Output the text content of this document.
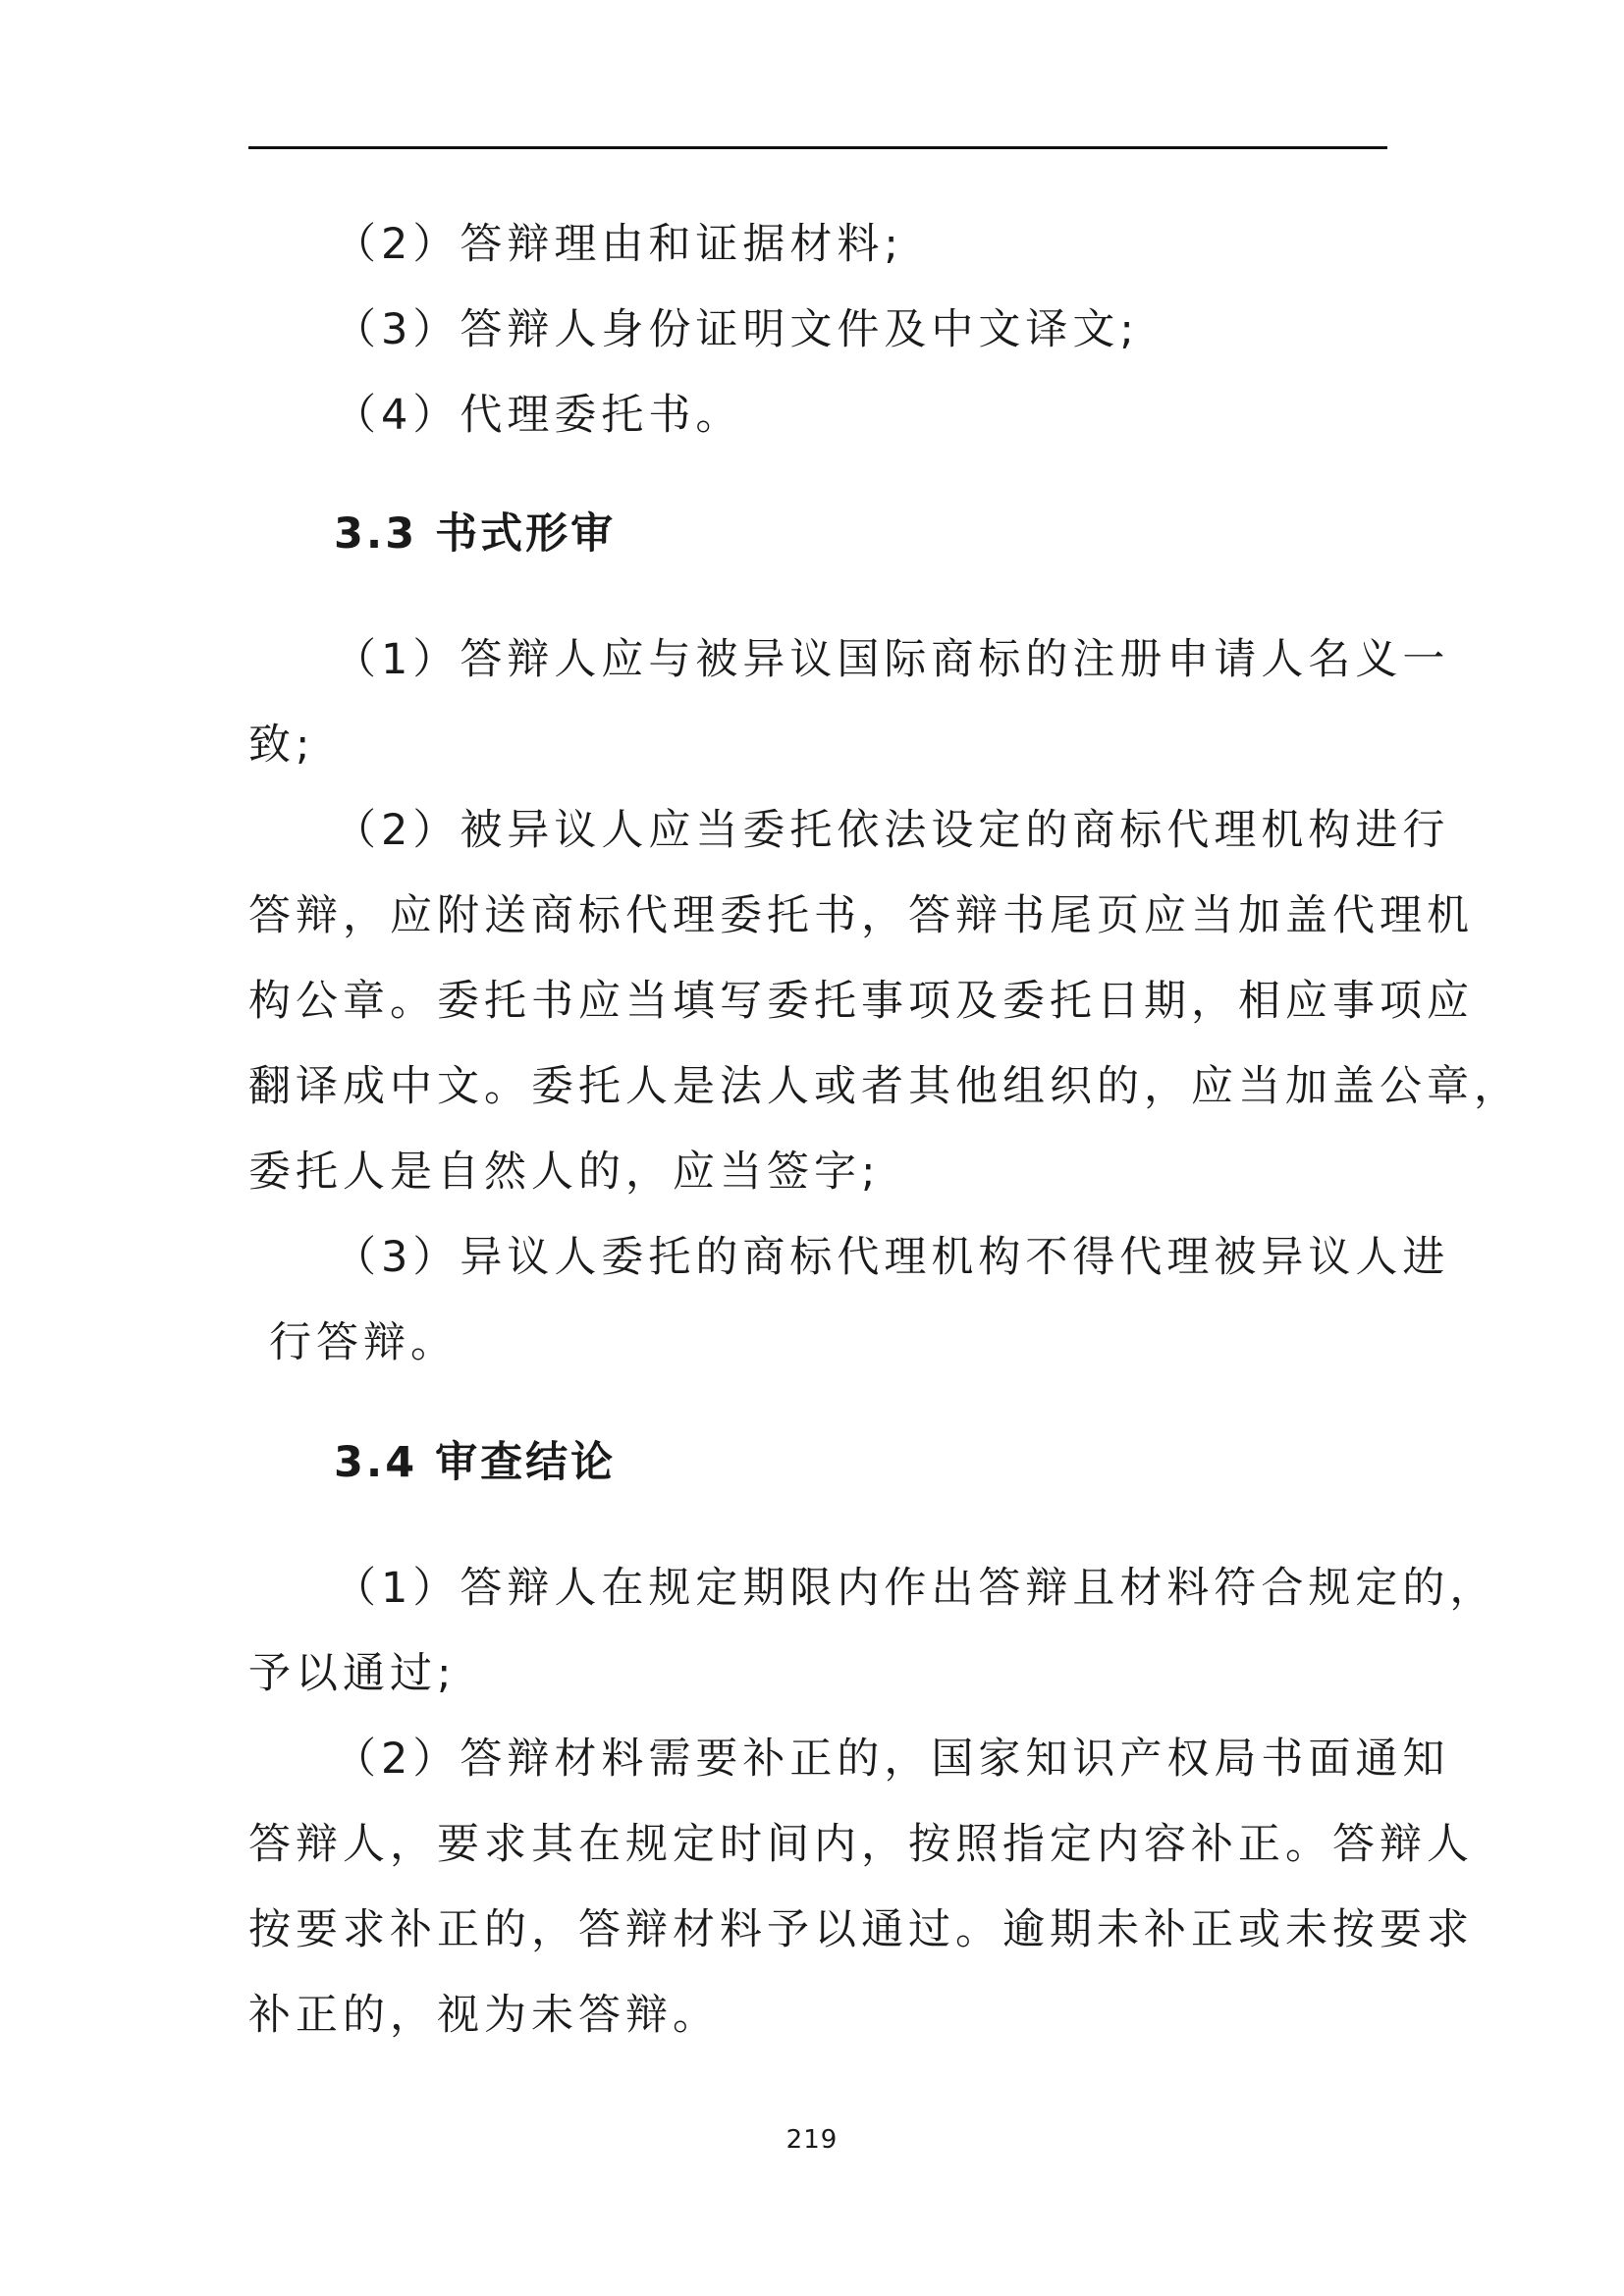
（2）答辩理由和证据材料;
（3）答辩人身份证明文件及中文译文;
（4）代理委托书。
3.3 书式形审
（1）答辩人应与被异议国际商标的注册申请人名义一
致;
（2）被异议人应当委托依法设定的商标代理机构进行
答辩，应附送商标代理委托书，答辩书尾页应当加盖代理机
构公章。委托书应当填写委托事项及委托日期，相应事项应
翻译成中文。委托人是法人或者其他组织的，应当加盖公章，
委托人是自然人的，应当签字;
（3）异议人委托的商标代理机构不得代理被异议人进
行答辩。
3.4 审查结论
（1）答辩人在规定期限内作出答辩且材料符合规定的，
予以通过;
（2）答辩材料需要补正的，国家知识产权局书面通知
答辩人，要求其在规定时间内，按照指定内容补正。答辩人
按要求补正的，答辩材料予以通过。逾期未补正或未按要求
补正的，视为未答辩。
219
